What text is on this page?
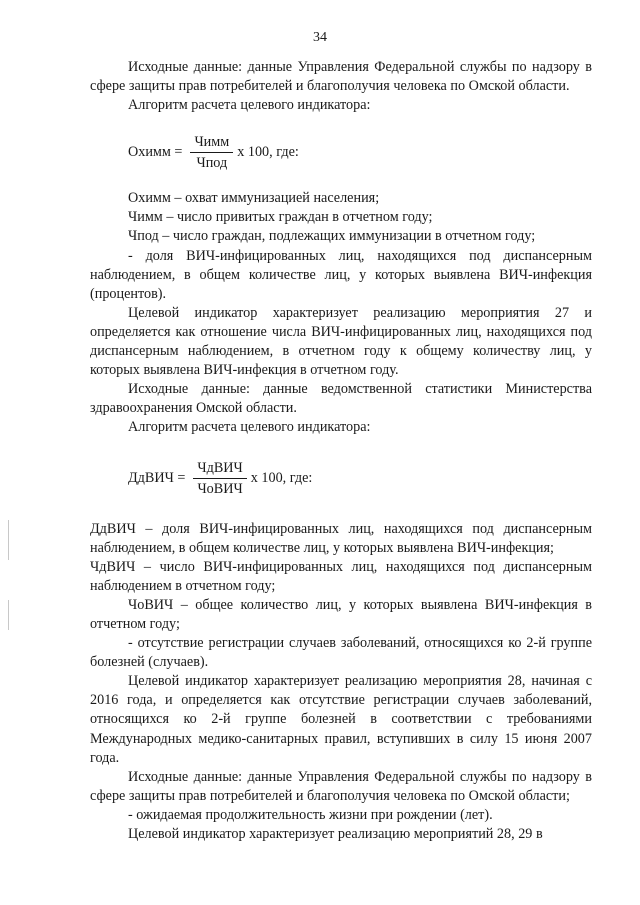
34

Исходные данные: данные Управления Федеральной службы по надзору в сфере защиты прав потребителей и благополучия человека по Омской области.

Алгоритм расчета целевого индикатора:

Охимм = $\frac{\text{Чимм}}{\text{Чпод}}$ х 100, где:

Охимм – охват иммунизацией населения;

Чимм – число привитых граждан в отчетном году;

Чпод – число граждан, подлежащих иммунизации в отчетном году;

- доля ВИЧ-инфицированных лиц, находящихся под диспансерным наблюдением, в общем количестве лиц, у которых выявлена ВИЧ-инфекция (процентов).

Целевой индикатор характеризует реализацию мероприятия 27 и определяется как отношение числа ВИЧ-инфицированных лиц, находящихся под диспансерным наблюдением, в отчетном году к общему количеству лиц, у которых выявлена ВИЧ-инфекция в отчетном году.

Исходные данные: данные ведомственной статистики Министерства здравоохранения Омской области.

Алгоритм расчета целевого индикатора:

ДдВИЧ = $\frac{\text{ЧдВИЧ}}{\text{ЧоВИЧ}}$ х 100, где:

ДдВИЧ – доля ВИЧ-инфицированных лиц, находящихся под диспансерным наблюдением, в общем количестве лиц, у которых выявлена ВИЧ-инфекция;

ЧдВИЧ – число ВИЧ-инфицированных лиц, находящихся под диспансерным наблюдением в отчетном году;

ЧоВИЧ – общее количество лиц, у которых выявлена ВИЧ-инфекция в отчетном году;

- отсутствие регистрации случаев заболеваний, относящихся ко 2-й группе болезней (случаев).

Целевой индикатор характеризует реализацию мероприятия 28, начиная с 2016 года, и определяется как отсутствие регистрации случаев заболеваний, относящихся ко 2-й группе болезней в соответствии с требованиями Международных медико-санитарных правил, вступивших в силу 15 июня 2007 года.

Исходные данные: данные Управления Федеральной службы по надзору в сфере защиты прав потребителей и благополучия человека по Омской области;

- ожидаемая продолжительность жизни при рождении (лет).

Целевой индикатор характеризует реализацию мероприятий 28, 29 в
